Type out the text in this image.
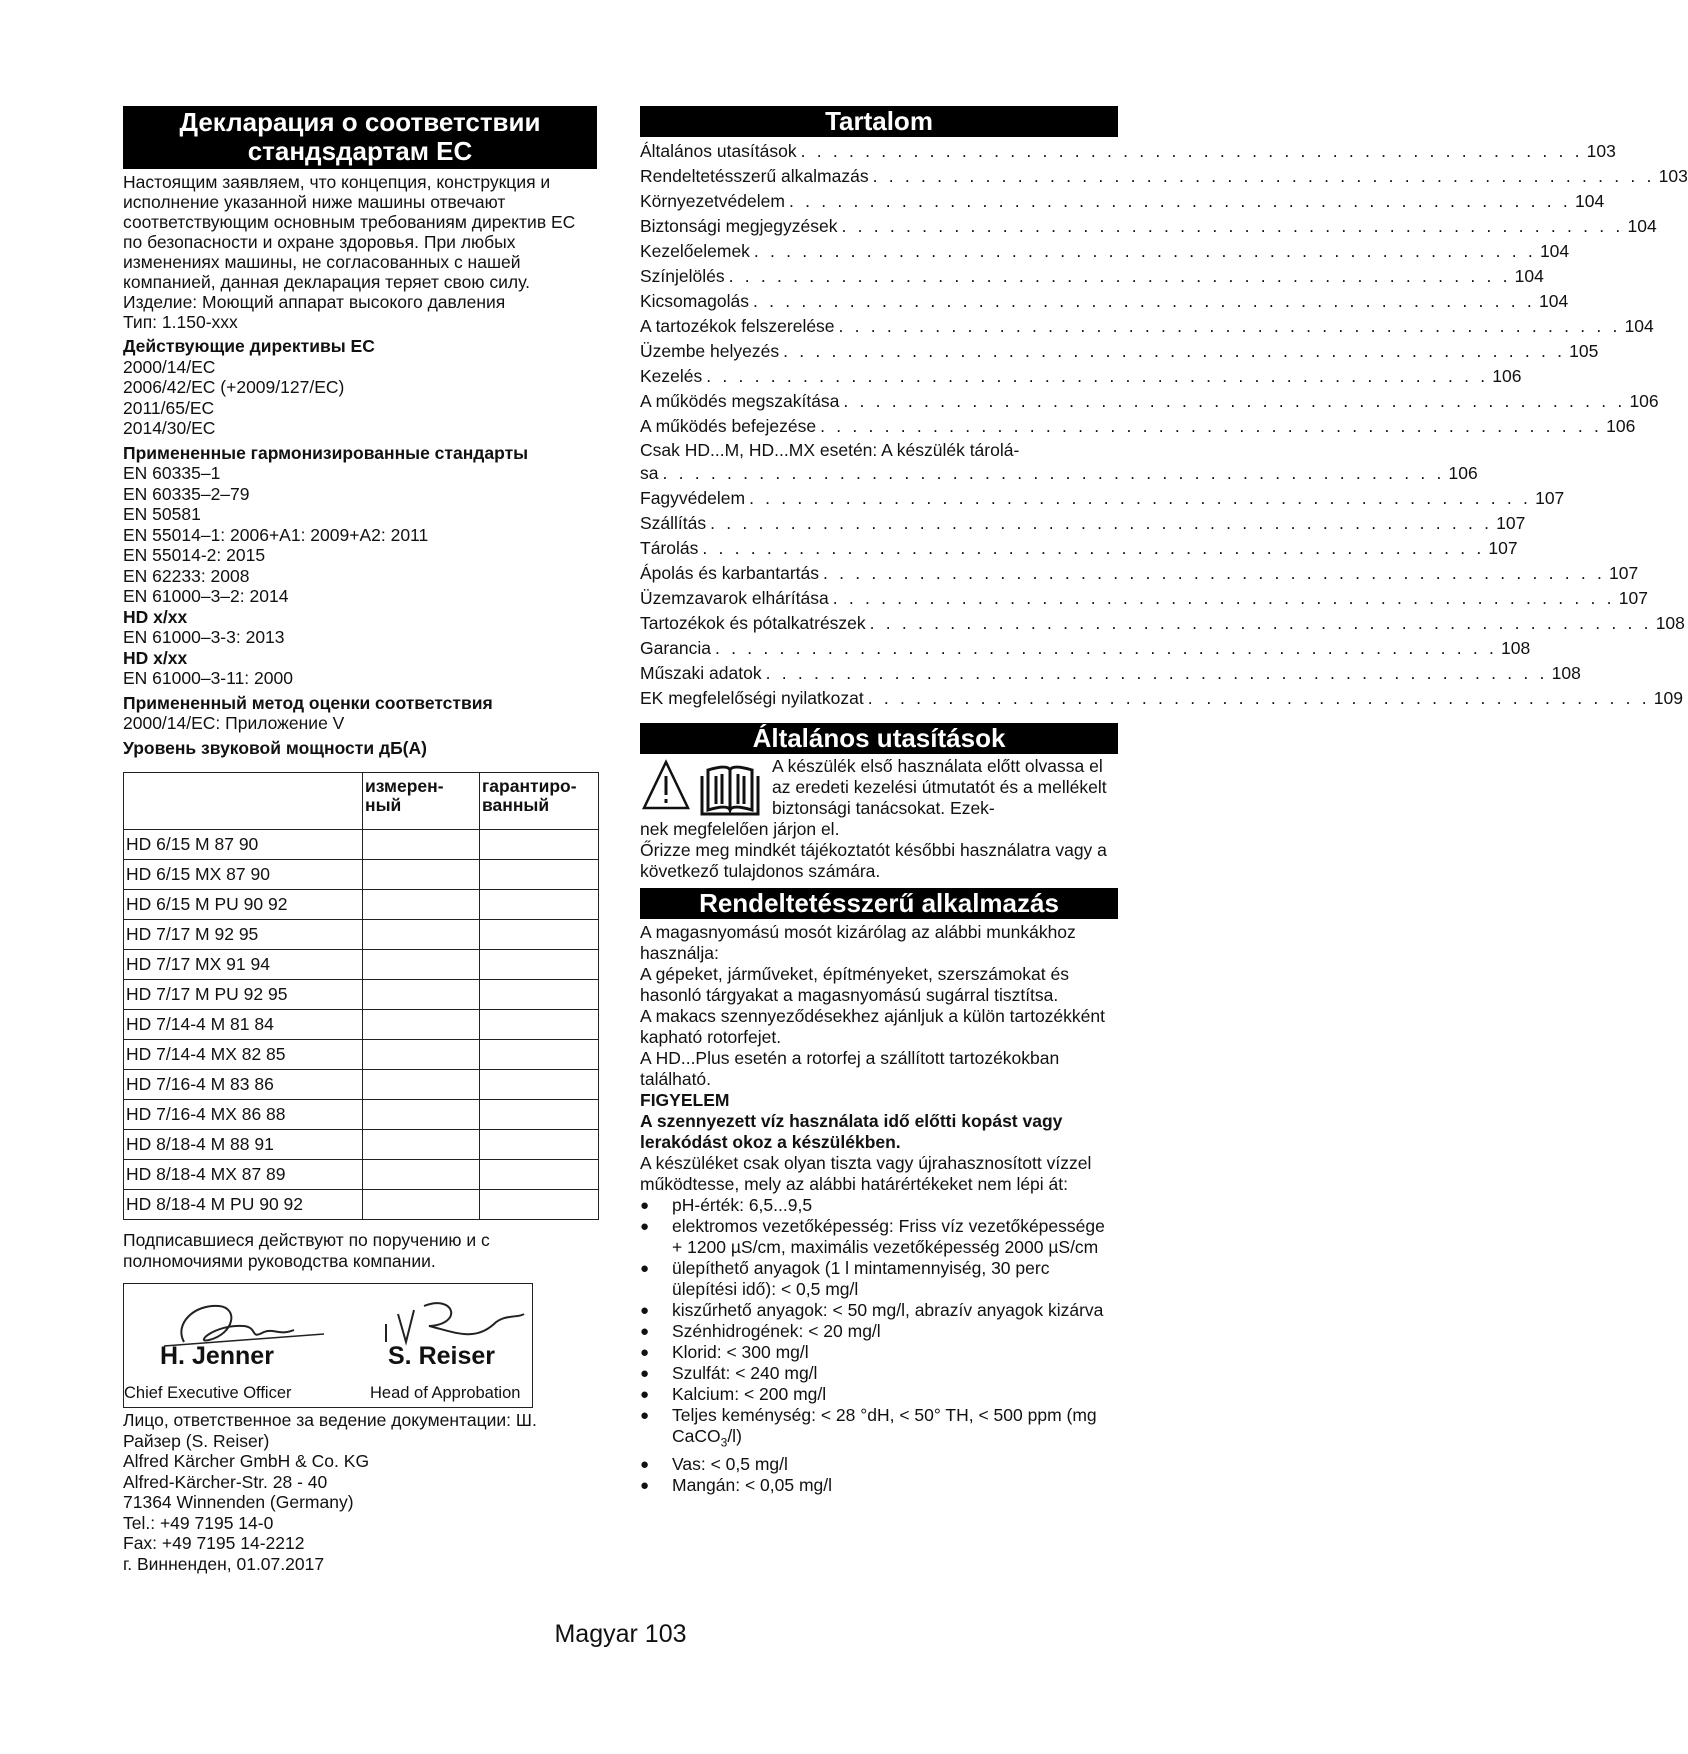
Декларация о соответствии
стандsдартам ЕС

Настоящим заявляем, что концепция, конструкция и исполнение указанной ниже машины отвечают соответствующим основным требованиям директив ЕС по безопасности и охране здоровья. При любых изменениях машины, не согласованных с нашей компанией, данная декларация теряет свою силу.

Изделие: Моющий аппарат высокого давления

Тип: 1.150-xxx

Действующие директивы ЕС
2000/14/EC
2006/42/EC (+2009/127/EC)
2011/65/EC
2014/30/EC
Примененные гармонизированные стандарты
EN 60335–1
EN 60335–2–79
EN 50581
EN 55014–1: 2006+A1: 2009+A2: 2011
EN 55014-2: 2015
EN 62233: 2008
EN 61000–3–2: 2014
HD x/xx
EN 61000–3-3: 2013
HD x/xx
EN 61000–3-11: 2000
Примененный метод оценки соответствия
2000/14/EC: Приложение V
Уровень звуковой мощности дБ(А)
	измерен-ный	гарантиро-ванный
HD 6/15 M 87 90		
HD 6/15 MX 87 90		
HD 6/15 M PU 90 92		
HD 7/17 M 92 95		
HD 7/17 MX 91 94		
HD 7/17 M PU 92 95		
HD 7/14-4 M 81 84		
HD 7/14-4 MX 82 85		
HD 7/16-4 M 83 86		
HD 7/16-4 MX 86 88		
HD 8/18-4 M 88 91		
HD 8/18-4 MX 87 89		
HD 8/18-4 M PU 90 92		
Подписавшиеся действуют по поручению и с полномочиями руководства компании.
H. Jenner	S. Reiser
Chief Executive Officer	Head of Approbation
Лицо, ответственное за ведение документации: Ш. Райзер (S. Reiser)
Alfred Kärcher GmbH & Co. KG
Alfred-Kärcher-Str. 28 - 40
71364 Winnenden (Germany)
Tel.: +49 7195 14-0
Fax: +49 7195 14-2212
г. Винненден, 01.07.2017
Tartalom
Általános utasítások . . . . . . . . . . . . . . . . . . . . . . . . . . . . . . . . . . . . . . . . . . . . . . . . . 103
Rendeltetésszerű alkalmazás . . . . . . . . . . . . . . . . . . . . . . . . . . . . . . . . . . . . . . . . . . . . . . . . . 103
Környezetvédelem . . . . . . . . . . . . . . . . . . . . . . . . . . . . . . . . . . . . . . . . . . . . . . . . . 104
Biztonsági megjegyzések . . . . . . . . . . . . . . . . . . . . . . . . . . . . . . . . . . . . . . . . . . . . . . . . . 104
Kezelőelemek . . . . . . . . . . . . . . . . . . . . . . . . . . . . . . . . . . . . . . . . . . . . . . . . . 104
Színjelölés . . . . . . . . . . . . . . . . . . . . . . . . . . . . . . . . . . . . . . . . . . . . . . . . . 104
Kicsomagolás . . . . . . . . . . . . . . . . . . . . . . . . . . . . . . . . . . . . . . . . . . . . . . . . . 104
A tartozékok felszerelése . . . . . . . . . . . . . . . . . . . . . . . . . . . . . . . . . . . . . . . . . . . . . . . . . 104
Üzembe helyezés . . . . . . . . . . . . . . . . . . . . . . . . . . . . . . . . . . . . . . . . . . . . . . . . . 105
Kezelés . . . . . . . . . . . . . . . . . . . . . . . . . . . . . . . . . . . . . . . . . . . . . . . . . 106
A működés megszakítása . . . . . . . . . . . . . . . . . . . . . . . . . . . . . . . . . . . . . . . . . . . . . . . . . 106
A működés befejezése . . . . . . . . . . . . . . . . . . . . . . . . . . . . . . . . . . . . . . . . . . . . . . . . . 106
Csak HD...M, HD...MX esetén: A készülék tárolá-
sa . . . . . . . . . . . . . . . . . . . . . . . . . . . . . . . . . . . . . . . . . . . . . . . . . 106
Fagyvédelem . . . . . . . . . . . . . . . . . . . . . . . . . . . . . . . . . . . . . . . . . . . . . . . . . 107
Szállítás . . . . . . . . . . . . . . . . . . . . . . . . . . . . . . . . . . . . . . . . . . . . . . . . . 107
Tárolás . . . . . . . . . . . . . . . . . . . . . . . . . . . . . . . . . . . . . . . . . . . . . . . . . 107
Ápolás és karbantartás . . . . . . . . . . . . . . . . . . . . . . . . . . . . . . . . . . . . . . . . . . . . . . . . . 107
Üzemzavarok elhárítása . . . . . . . . . . . . . . . . . . . . . . . . . . . . . . . . . . . . . . . . . . . . . . . . . 107
Tartozékok és pótalkatrészek . . . . . . . . . . . . . . . . . . . . . . . . . . . . . . . . . . . . . . . . . . . . . . . . . 108
Garancia . . . . . . . . . . . . . . . . . . . . . . . . . . . . . . . . . . . . . . . . . . . . . . . . . 108
Műszaki adatok . . . . . . . . . . . . . . . . . . . . . . . . . . . . . . . . . . . . . . . . . . . . . . . . . 108
EK megfelelőségi nyilatkozat . . . . . . . . . . . . . . . . . . . . . . . . . . . . . . . . . . . . . . . . . . . . . . . . . 109
Általános utasítások
A készülék első használata előtt olvassa el az eredeti kezelési útmutatót és a mellékelt biztonsági tanácsokat. Ezek-
nek megfelelően járjon el.
Őrizze meg mindkét tájékoztatót későbbi használatra vagy a következő tulajdonos számára.
Rendeltetésszerű alkalmazás
A magasnyomású mosót kizárólag az alábbi munkákhoz használja:
A gépeket, járműveket, építményeket, szerszámokat és hasonló tárgyakat a magasnyomású sugárral tisztítsa.
A makacs szennyeződésekhez ajánljuk a külön tartozékként kapható rotorfejet.
A HD...Plus esetén a rotorfej a szállított tartozékokban található.
FIGYELEM
A szennyezett víz használata idő előtti kopást vagy lerakódást okoz a készülékben.
A készüléket csak olyan tiszta vagy újrahasznosított vízzel működtesse, mely az alábbi határértékeket nem lépi át:
● pH-érték: 6,5...9,5
● elektromos vezetőképesség: Friss víz vezetőképessége + 1200 µS/cm, maximális vezetőképesség 2000 µS/cm
● ülepíthető anyagok (1 l mintamennyiség, 30 perc ülepítési idő): < 0,5 mg/l
● kiszűrhető anyagok: < 50 mg/l, abrazív anyagok kizárva
● Szénhidrogének: < 20 mg/l
● Klorid: < 300 mg/l
● Szulfát: < 240 mg/l
● Kalcium: < 200 mg/l
● Teljes keménység: < 28 °dH, < 50° TH, < 500 ppm (mg CaCO$_3$/l)
● Vas: < 0,5 mg/l
● Mangán: < 0,05 mg/l
Magyar 103
